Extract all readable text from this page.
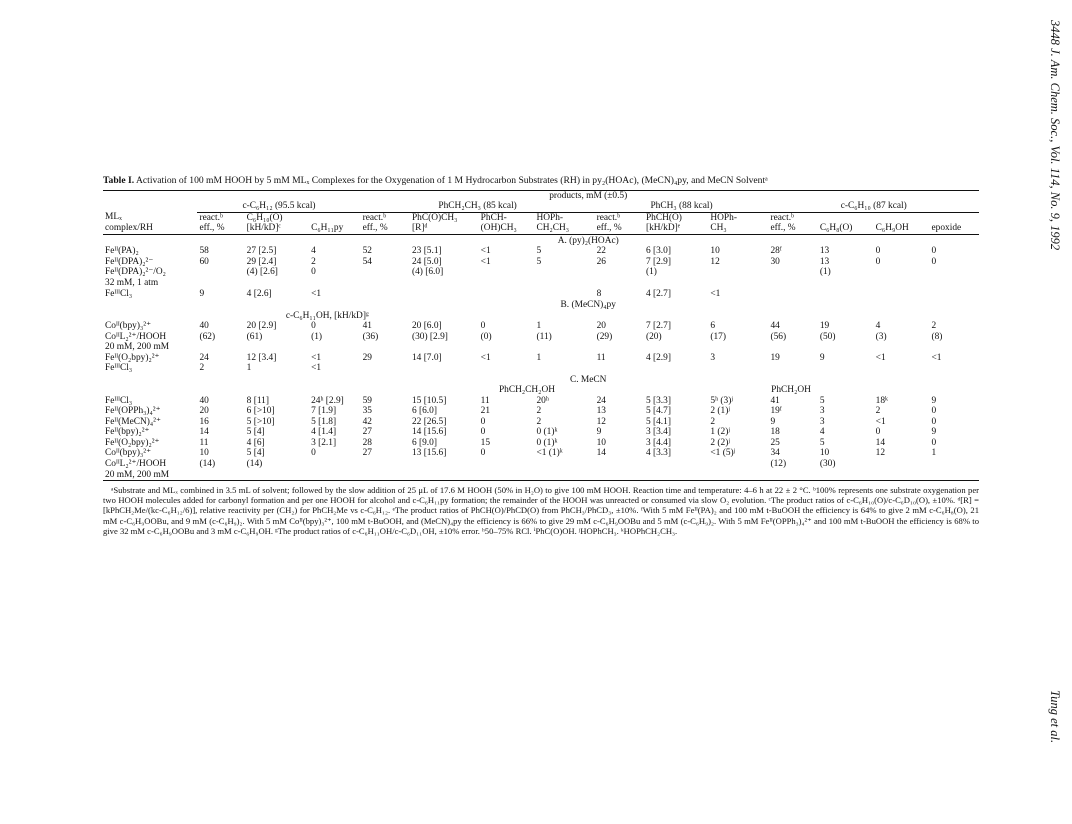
3448 J. Am. Chem. Soc., Vol. 114, No. 9, 1992
Tung et al.
Table I. Activation of 100 mM HOOH by 5 mM MLₓ Complexes for the Oxygenation of 1 M Hydrocarbon Substrates (RH) in py₂(HOAc), (MeCN)₄py, and MeCN Solventᵃ
	products, mM (±0.5)													
	c-C₆H₁₂ (95.5 kcal)			PhCH₂CH₃ (85 kcal)				PhCH₃ (88 kcal)			c-C₆H₁₀ (87 kcal)			
MLₓ	react.ᵇ	C₆H₁₀(O)		react.ᵇ	PhC(O)CH₃	PhCH-	HOPh-	react.ᵇ	PhCH(O)	HOPh-	react.ᵇ			
complex/RH	eff., %	[kH/kD]ᶜ	C₆H₁₁py	eff., %	[R]ᵈ	(OH)CH₃	CH₂CH₃	eff., %	[kH/kD]ᵉ	CH₃	eff., %	C₆H₈(O)	C₆H₉OH	epoxide
	A. (py)₂(HOAc)													
Feᴵᴵ(PA)₂	58	27 [2.5]	4	52	23 [5.1]	<1	5	22	6 [3.0]	10	28ᶠ	13	0	0
Feᴵᴵ(DPA)₂²⁻	60	29 [2.4]	2	54	24 [5.0]	<1	5	26	7 [2.9]	12	30	13	0	0
Feᴵᴵ(DPA)₂²⁻/O₂		(4) [2.6]	0		(4) [6.0]				(1)			(1)		
32 mM, 1 atm														
FeᴵᴵᴵCl₃	9	4 [2.6]	<1					8	4 [2.7]	<1				
	B. (MeCN)₄py													
		c-C₆H₁₁OH, [kH/kD]ᵍ												
Coᴵᴵ(bpy)₃²⁺	40	20 [2.9]	0	41	20 [6.0]	0	1	20	7 [2.7]	6	44	19	4	2
CoᴵᴵL₂²⁺/HOOH	(62)	(61)	(1)	(36)	(30) [2.9]	(0)	(11)	(29)	(20)	(17)	(56)	(50)	(3)	(8)
20 mM, 200 mM														
Feᴵᴵ(O₂bpy)₂²⁺	24	12 [3.4]	<1	29	14 [7.0]	<1	1	11	4 [2.9]	3	19	9	<1	<1
FeᴵᴵᴵCl₃	2	1	<1											
	C. MeCN													
					PhCH₂CH₂OH					PhCH₂OH				
FeᴵᴵᴵCl₃	40	8 [11]	24ʰ [2.9]	59	15 [10.5]	11	20ʰ	24	5 [3.3]	5ʰ (3)ʲ	41	5	18ᵏ	9
Feᴵᴵ(OPPh₃)₄²⁺	20	6 [>10]	7 [1.9]	35	6 [6.0]	21	2	13	5 [4.7]	2 (1)ʲ	19ᶠ	3	2	0
Feᴵᴵ(MeCN)₄²⁺	16	5 [>10]	5 [1.8]	42	22 [26.5]	0	2	12	5 [4.1]	2	9	3	<1	0
Feᴵᴵ(bpy)₂²⁺	14	5 [4]	4 [1.4]	27	14 [15.6]	0	0 (1)ᵏ	9	3 [3.4]	1 (2)ʲ	18	4	0	9
Feᴵᴵ(O₂bpy)₂²⁺	11	4 [6]	3 [2.1]	28	6 [9.0]	15	0 (1)ᵏ	10	3 [4.4]	2 (2)ʲ	25	5	14	0
Coᴵᴵ(bpy)₃²⁺	10	5 [4]	0	27	13 [15.6]	0	<1 (1)ᵏ	14	4 [3.3]	<1 (5)ʲ	34	10	12	1
CoᴵᴵL₂²⁺/HOOH	(14)	(14)									(12)	(30)		
20 mM, 200 mM														
ᵃSubstrate and MLₓ combined in 3.5 mL of solvent; followed by the slow addition of 25 μL of 17.6 M HOOH (50% in H₂O) to give 100 mM HOOH. Reaction time and temperature: 4–6 h at 22 ± 2 °C. ᵇ100% represents one substrate oxygenation per two HOOH molecules added for carbonyl formation and per one HOOH for alcohol and c-C₆H₁₁py formation; the remainder of the HOOH was unreacted or consumed via slow O₂ evolution. ᶜThe product ratios of c-C₆H₁₀(O)/c-C₆D₁₀(O), ±10%. ᵈ[R] = [kPhCH₂Me/(kc-C₆H₁₂/6)], relative reactivity per (CH₂) for PhCH₂Me vs c-C₆H₁₂. ᵉThe product ratios of PhCH(O)/PhCD(O) from PhCH₃/PhCD₃, ±10%. ᶠWith 5 mM Feᴵᴵ(PA)₂ and 100 mM t-BuOOH the efficiency is 64% to give 2 mM c-C₆H₈(O), 21 mM c-C₆H₉OOBu, and 9 mM (c-C₆H₉)₂. With 5 mM Coᴵᴵ(bpy)₃²⁺, 100 mM t-BuOOH, and (MeCN)₄py the efficiency is 66% to give 29 mM c-C₆H₉OOBu and 5 mM (c-C₆H₉)₂. With 5 mM Feᴵᴵ(OPPh₃)₄²⁺ and 100 mM t-BuOOH the efficiency is 68% to give 32 mM c-C₆H₉OOBu and 3 mM c-C₆H₉OH. ᵍThe product ratios of c-C₆H₁₁OH/c-C₆D₁₁OH, ±10% error. ʰ50–75% RCl. ⁱPhC(O)OH. ʲHOPhCH₃. ᵏHOPhCH₂CH₃.
